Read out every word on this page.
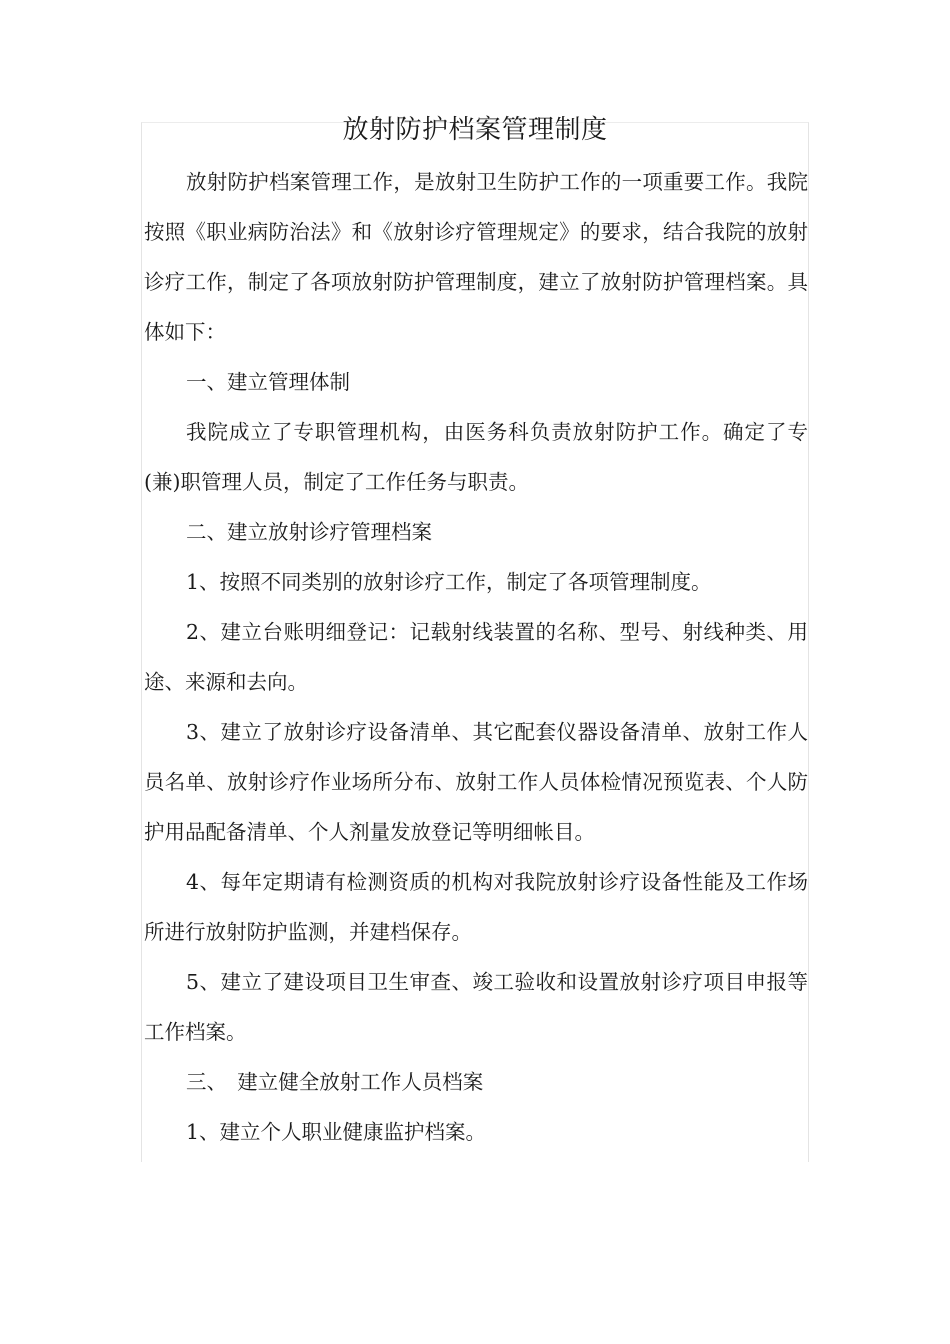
放射防护档案管理制度

放射防护档案管理工作，是放射卫生防护工作的一项重要工作。我院按照《职业病防治法》和《放射诊疗管理规定》的要求，结合我院的放射诊疗工作，制定了各项放射防护管理制度，建立了放射防护管理档案。具体如下：

一、建立管理体制

我院成立了专职管理机构，由医务科负责放射防护工作。确定了专(兼)职管理人员，制定了工作任务与职责。

二、建立放射诊疗管理档案

1、按照不同类别的放射诊疗工作，制定了各项管理制度。

2、建立台账明细登记：记载射线装置的名称、型号、射线种类、用途、来源和去向。

3、建立了放射诊疗设备清单、其它配套仪器设备清单、放射工作人员名单、放射诊疗作业场所分布、放射工作人员体检情况预览表、个人防护用品配备清单、个人剂量发放登记等明细帐目。

4、每年定期请有检测资质的机构对我院放射诊疗设备性能及工作场所进行放射防护监测，并建档保存。

5、建立了建设项目卫生审查、竣工验收和设置放射诊疗项目申报等工作档案。

三、　建立健全放射工作人员档案

1、建立个人职业健康监护档案。
